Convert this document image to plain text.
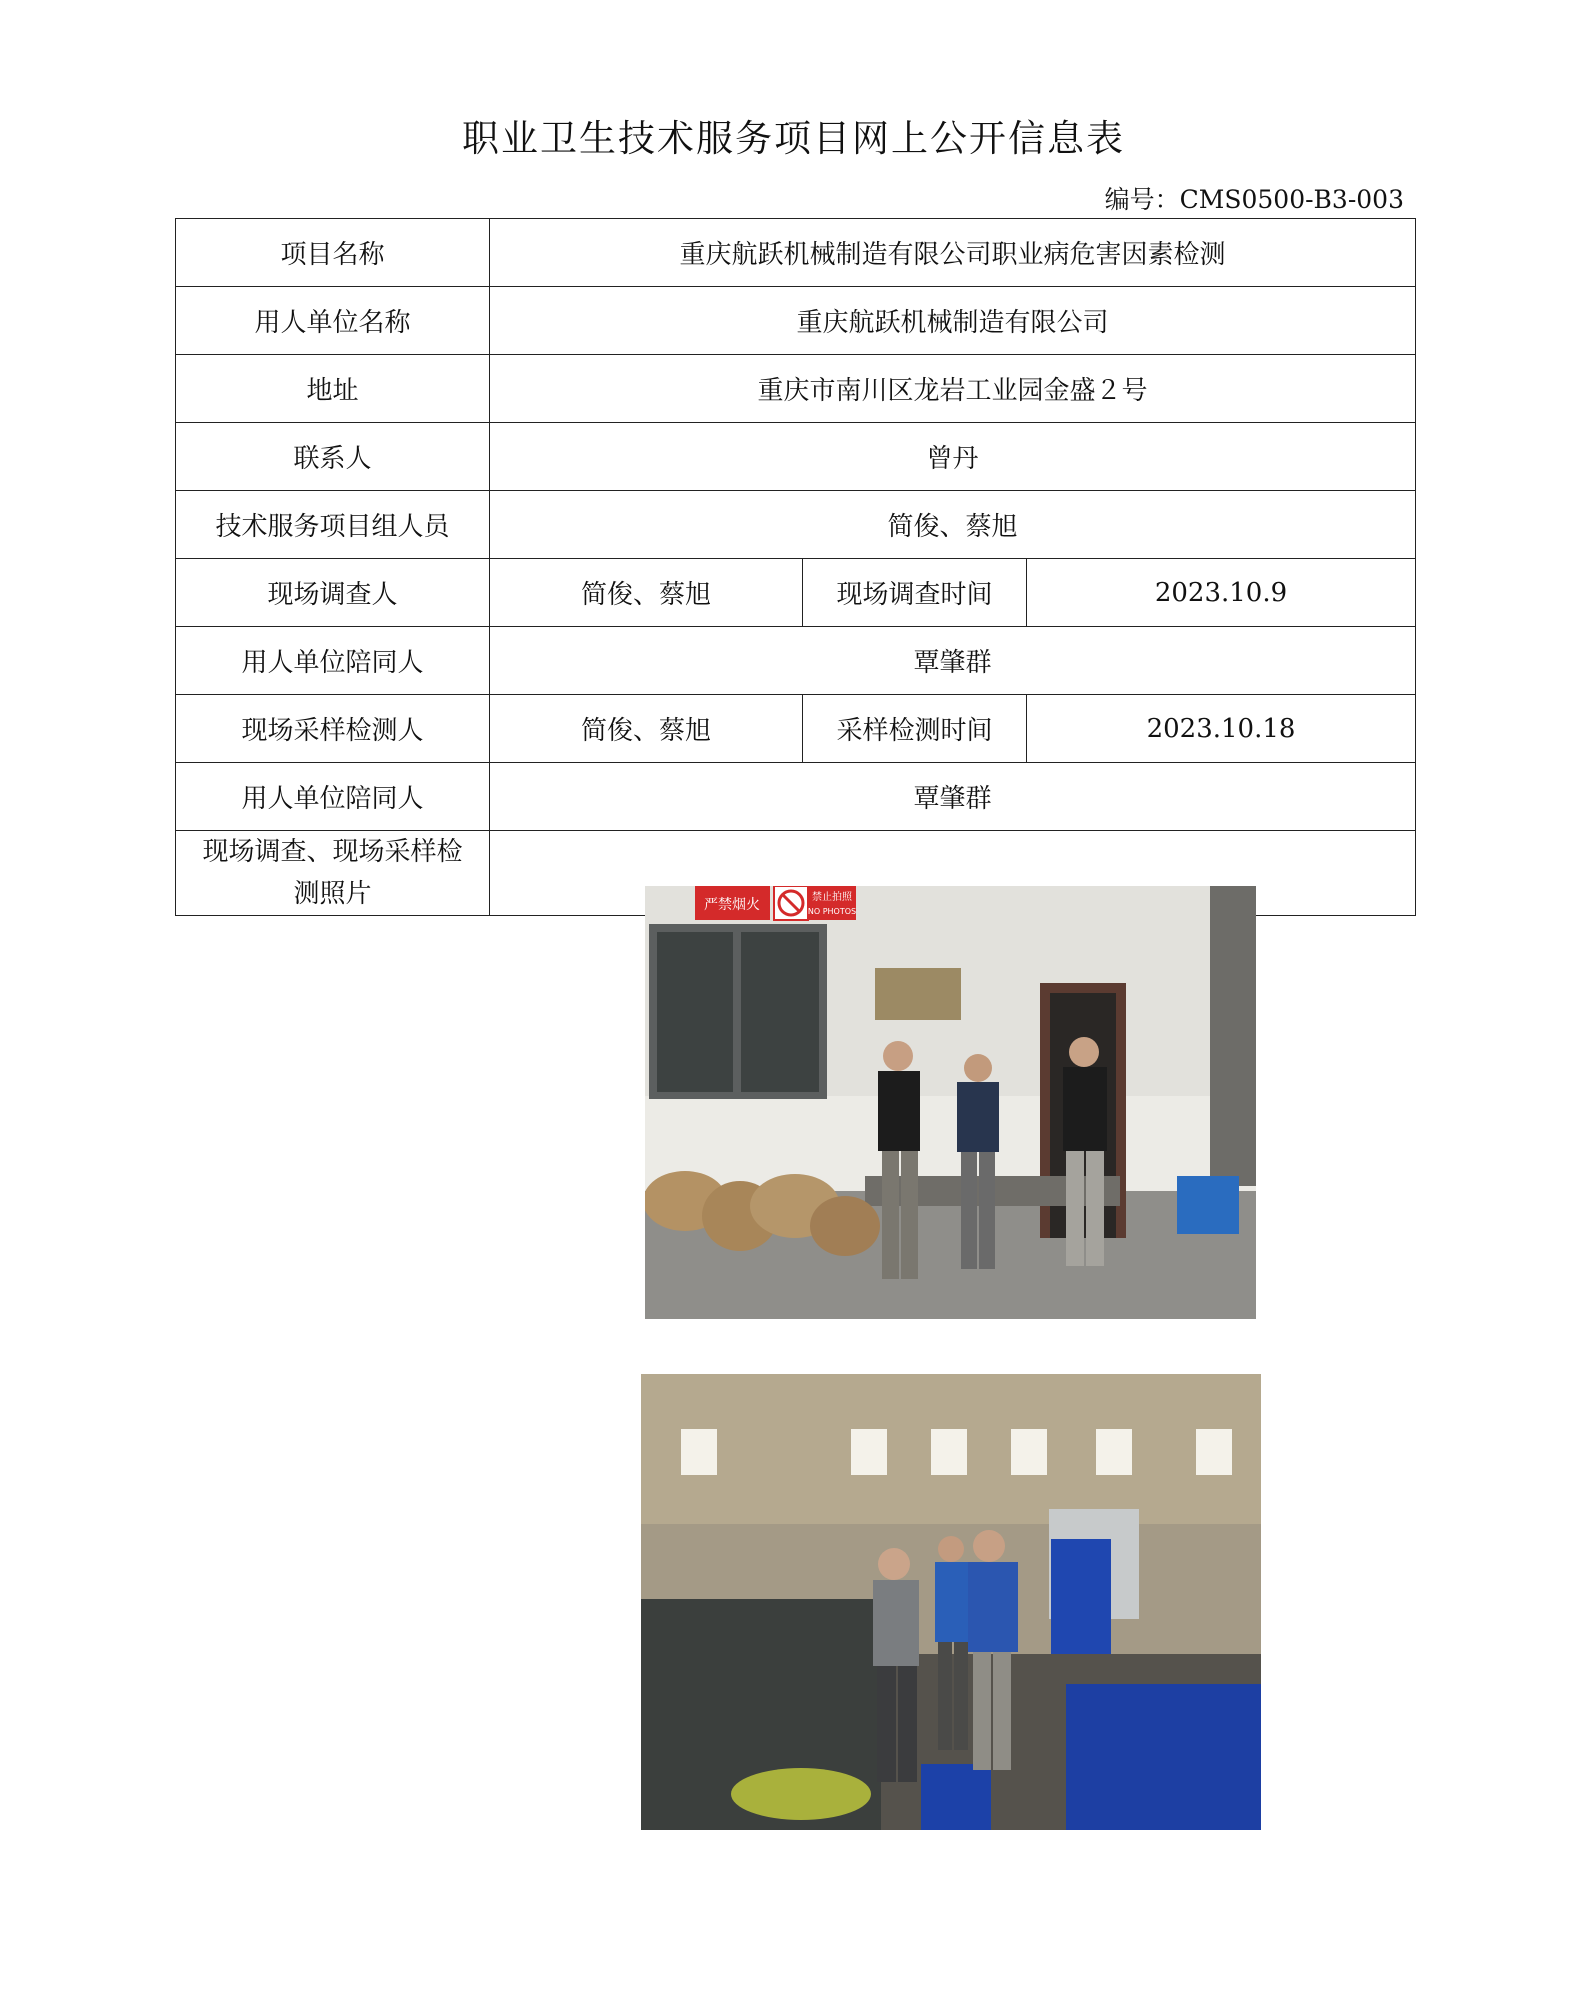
职业卫生技术服务项目网上公开信息表
编号：CMS0500-B3-003
项目名称	重庆航跃机械制造有限公司职业病危害因素检测		
用人单位名称	重庆航跃机械制造有限公司		
地址	重庆市南川区龙岩工业园金盛２号		
联系人	曾丹		
技术服务项目组人员	简俊、蔡旭		
现场调查人	简俊、蔡旭	现场调查时间	2023.10.9
用人单位陪同人	覃肇群		
现场采样检测人	简俊、蔡旭	采样检测时间	2023.10.18
用人单位陪同人	覃肇群		
现场调查、现场采样检
测照片	严禁烟火 禁止拍照
NO PHOTOS		
